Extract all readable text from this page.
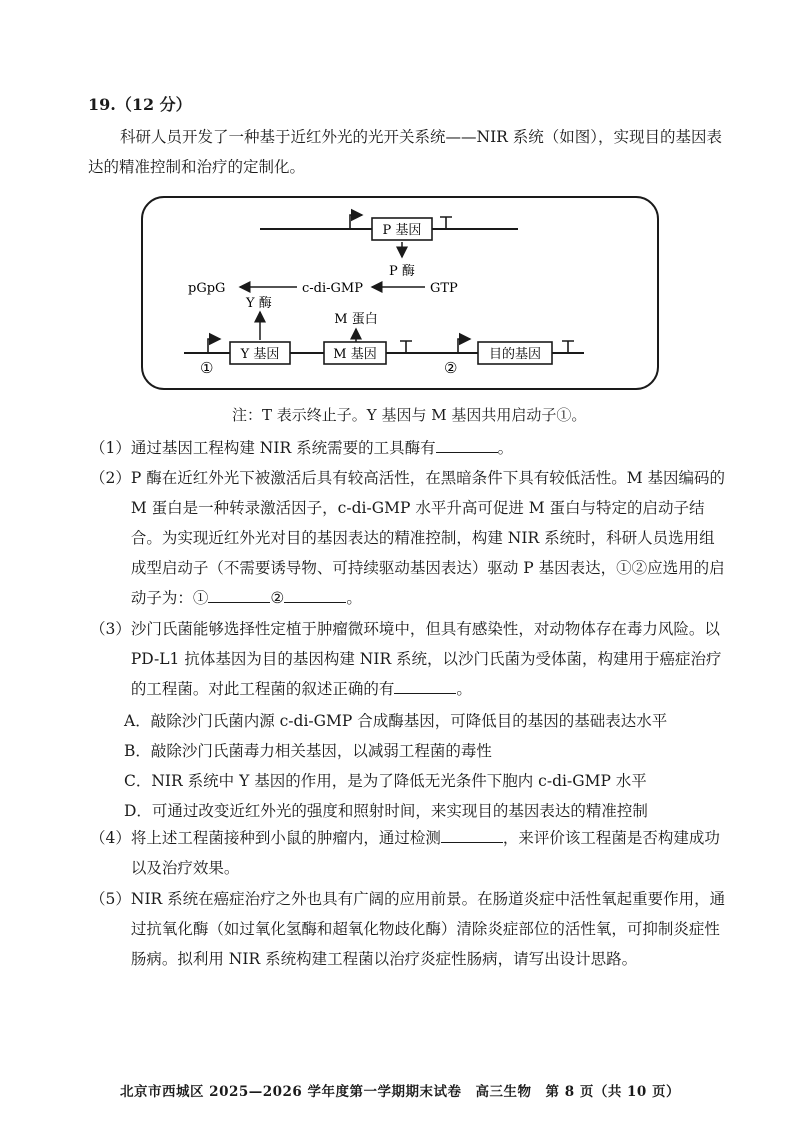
19.（12 分）
科研人员开发了一种基于近红外光的光开关系统——NIR 系统（如图），实现目的基因表达的精准控制和治疗的定制化。
P 基因
P 酶
GTP
c-di-GMP
pGpG
Y 酶
M 蛋白
①
Y 基因	M 基因
②
目的基因
注：T 表示终止子。Y 基因与 M 基因共用启动子①。
（1）通过基因工程构建 NIR 系统需要的工具酶有	。
（2） P 酶在近红外光下被激活后具有较高活性，在黑暗条件下具有较低活性。M 基因编码的 M 蛋白是一种转录激活因子，c-di-GMP 水平升高可促进 M 蛋白与特定的启动子结合。为实现近红外光对目的基因表达的精准控制，构建 NIR 系统时，科研人员选用组成型启动子（不需要诱导物、可持续驱动基因表达）驱动 P 基因表达，①②应选用的启动子为：①	②	。
（3） 沙门氏菌能够选择性定植于肿瘤微环境中，但具有感染性，对动物体存在毒力风险。以 PD-L1 抗体基因为目的基因构建 NIR 系统，以沙门氏菌为受体菌，构建用于癌症治疗的工程菌。对此工程菌的叙述正确的有	。
A．敲除沙门氏菌内源 c-di-GMP 合成酶基因，可降低目的基因的基础表达水平
B．敲除沙门氏菌毒力相关基因，以减弱工程菌的毒性
C．NIR 系统中 Y 基因的作用，是为了降低无光条件下胞内 c-di-GMP 水平
D．可通过改变近红外光的强度和照射时间，来实现目的基因表达的精准控制
（4） 将上述工程菌接种到小鼠的肿瘤内，通过检测	，来评价该工程菌是否构建成功以及治疗效果。
（5） NIR 系统在癌症治疗之外也具有广阔的应用前景。在肠道炎症中活性氧起重要作用，通过抗氧化酶（如过氧化氢酶和超氧化物歧化酶）清除炎症部位的活性氧，可抑制炎症性肠病。拟利用 NIR 系统构建工程菌以治疗炎症性肠病，请写出设计思路。
北京市西城区 2025—2026 学年度第一学期期末试卷　高三生物　第 8 页（共 10 页）
